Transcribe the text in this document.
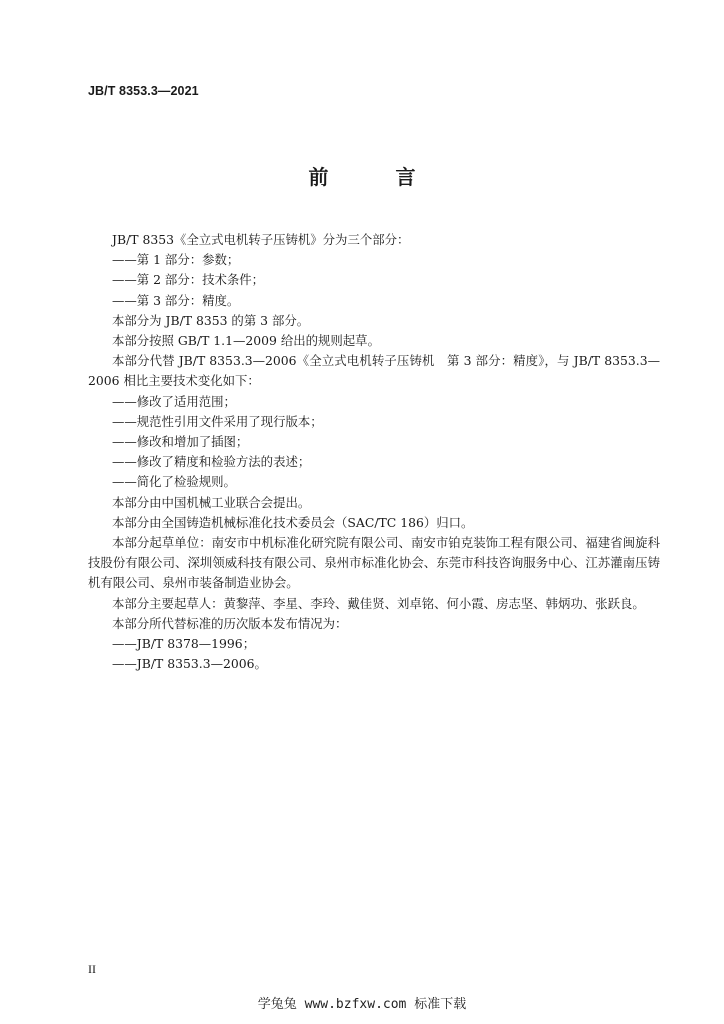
JB/T 8353.3—2021
前 言

JB/T 8353《全立式电机转子压铸机》分为三个部分：

——第 1 部分：参数；

——第 2 部分：技术条件；

——第 3 部分：精度。

本部分为 JB/T 8353 的第 3 部分。

本部分按照 GB/T 1.1—2009 给出的规则起草。

本部分代替 JB/T 8353.3—2006《全立式电机转子压铸机　第 3 部分：精度》，与 JB/T 8353.3—2006 相比主要技术变化如下：

——修改了适用范围；

——规范性引用文件采用了现行版本；

——修改和增加了插图；

——修改了精度和检验方法的表述；

——简化了检验规则。

本部分由中国机械工业联合会提出。

本部分由全国铸造机械标准化技术委员会（SAC/TC 186）归口。

本部分起草单位：南安市中机标准化研究院有限公司、南安市铂克装饰工程有限公司、福建省闽旋科技股份有限公司、深圳领威科技有限公司、泉州市标准化协会、东莞市科技咨询服务中心、江苏灌南压铸机有限公司、泉州市装备制造业协会。

本部分主要起草人：黄黎萍、李星、李玲、戴佳贤、刘卓铭、何小霞、房志坚、韩炳功、张跃良。

本部分所代替标准的历次版本发布情况为：

——JB/T 8378—1996；

——JB/T 8353.3—2006。

II
学兔兔 www.bzfxw.com 标准下载
